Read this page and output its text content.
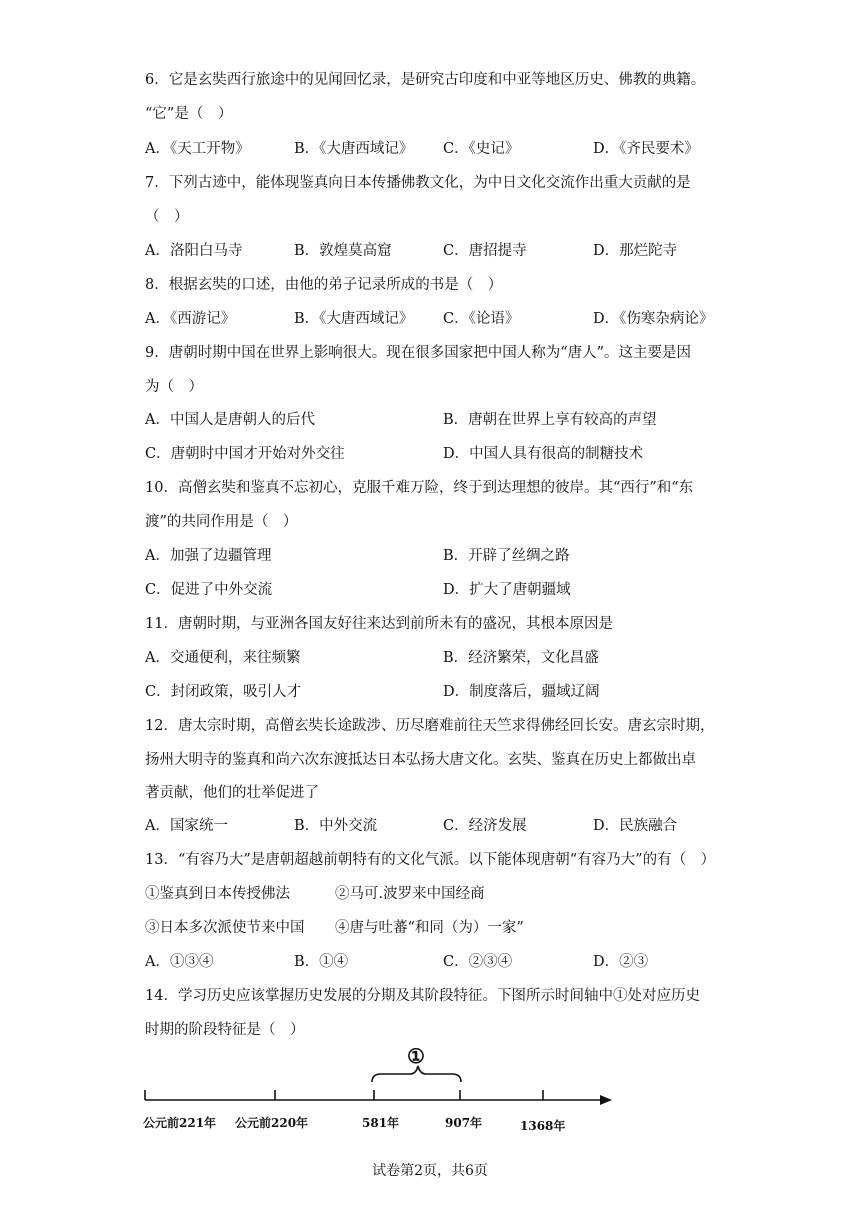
6．它是玄奘西行旅途中的见闻回忆录，是研究古印度和中亚等地区历史、佛教的典籍。
“它”是（　）
A．《天工开物》	B．《大唐西域记》 C．《史记》	D．《齐民要术》
7．下列古迹中，能体现鉴真向日本传播佛教文化，为中日文化交流作出重大贡献的是
（　）
A．洛阳白马寺	B．敦煌莫高窟	C．唐招提寺	D．那烂陀寺
8．根据玄奘的口述，由他的弟子记录所成的书是（　）
A．《西游记》	B．《大唐西域记》 C．《论语》	D．《伤寒杂病论》
9．唐朝时期中国在世界上影响很大。现在很多国家把中国人称为“唐人”。这主要是因
为（　）
A．中国人是唐朝人的后代	B．唐朝在世界上享有较高的声望
C．唐朝时中国才开始对外交往	D．中国人具有很高的制糖技术
10．高僧玄奘和鉴真不忘初心，克服千难万险，终于到达理想的彼岸。其“西行”和“东
渡”的共同作用是（　）
A．加强了边疆管理	B．开辟了丝绸之路
C．促进了中外交流	D．扩大了唐朝疆域
11．唐朝时期，与亚洲各国友好往来达到前所未有的盛况，其根本原因是
A．交通便利，来往频繁	B．经济繁荣，文化昌盛
C．封闭政策，吸引人才	D．制度落后，疆域辽阔
12．唐太宗时期，高僧玄奘长途跋涉、历尽磨难前往天竺求得佛经回长安。唐玄宗时期，
扬州大明寺的鉴真和尚六次东渡抵达日本弘扬大唐文化。玄奘、鉴真在历史上都做出卓
著贡献，他们的壮举促进了
A．国家统一	B．中外交流	C．经济发展	D．民族融合
13．“有容乃大”是唐朝超越前朝特有的文化气派。以下能体现唐朝“有容乃大”的有（　）
①鉴真到日本传授佛法	②马可.波罗来中国经商
③日本多次派使节来中国 ④唐与吐蕃“和同（为）一家”
A．①③④	B．①④	C．②③④	D．②③
14．学习历史应该掌握历史发展的分期及其阶段特征。下图所示时间轴中①处对应历史
时期的阶段特征是（　）
①
公元前221年 公元前220年	581年	907年	1368年
试卷第2页，共6页
